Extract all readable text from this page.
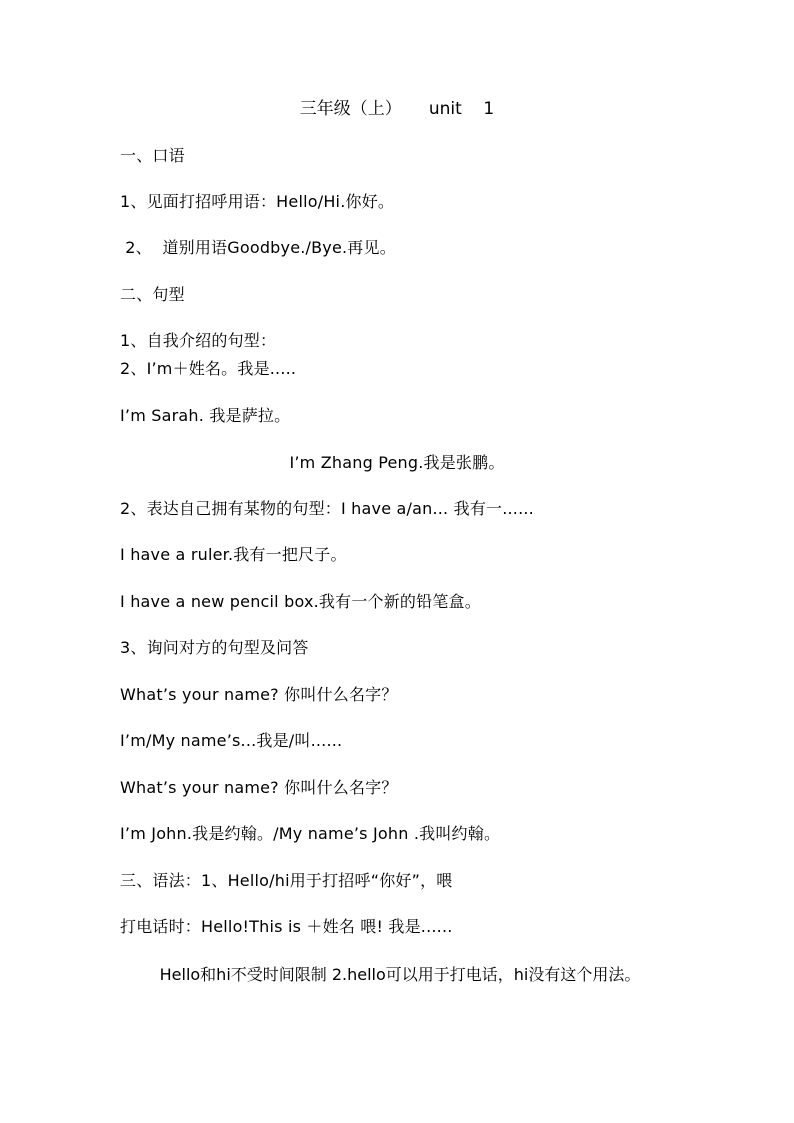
三年级（上）     unit    1
一、口语
1、见面打招呼用语：Hello/Hi.你好。
2、  道别用语Goodbye./Bye.再见。
二、句型
1、自我介绍的句型：
2、I’m＋姓名。我是.....
I’m Sarah. 我是萨拉。
I’m Zhang Peng.我是张鹏。
2、表达自己拥有某物的句型：I have a/an... 我有一......
I have a ruler.我有一把尺子。
I have a new pencil box.我有一个新的铅笔盒。
3、询问对方的句型及问答
What’s your name? 你叫什么名字？
I’m/My name’s...我是/叫......
What’s your name? 你叫什么名字？
I’m John.我是约翰。/My name’s John .我叫约翰。
三、语法：1、Hello/hi用于打招呼“你好”，喂
打电话时：Hello!This is ＋姓名 喂! 我是......
Hello和hi不受时间限制 2.hello可以用于打电话，hi没有这个用法。
